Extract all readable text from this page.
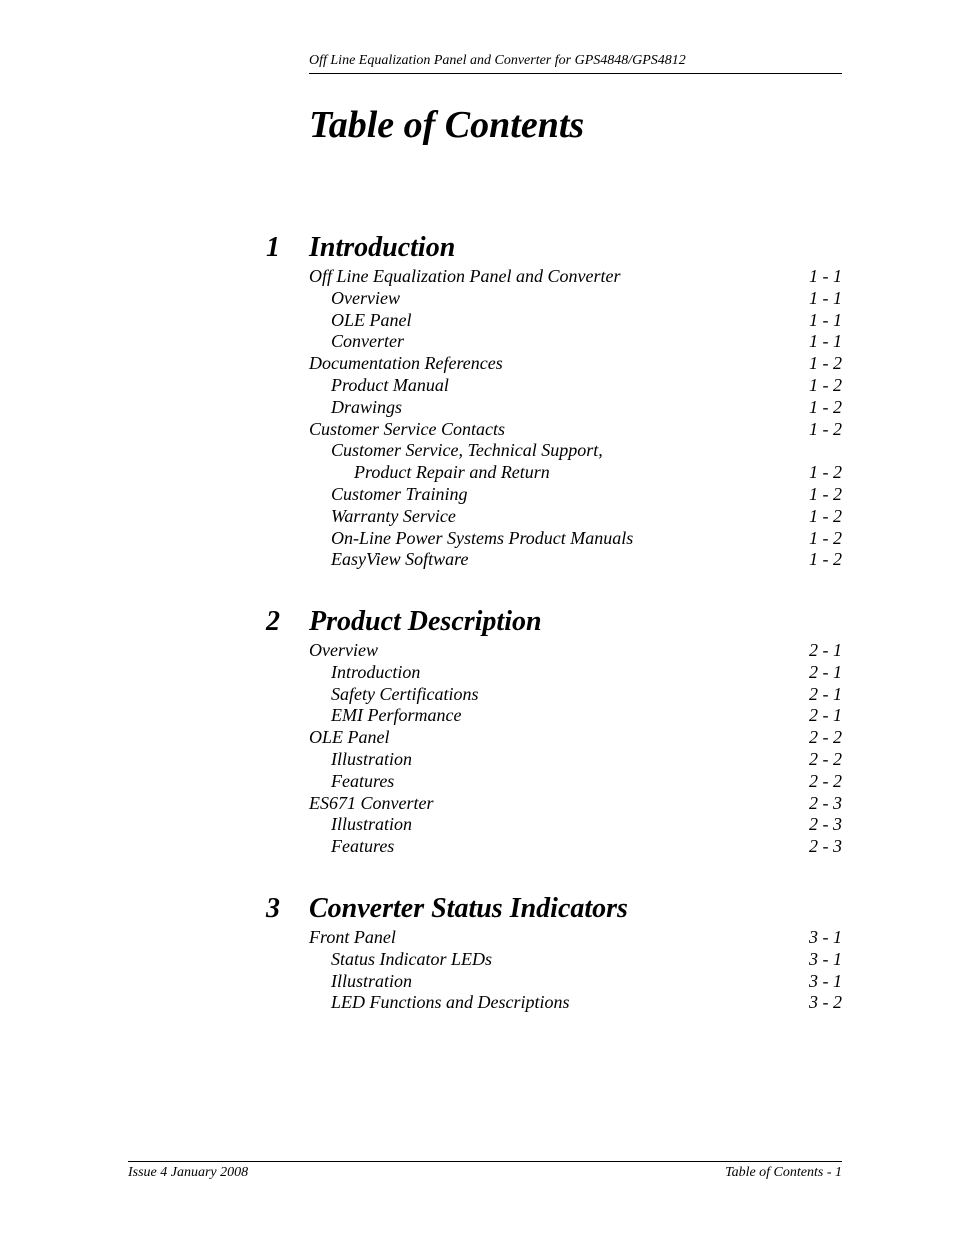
Off Line Equalization Panel and Converter for GPS4848/GPS4812
Table of Contents
1	Introduction
Off Line Equalization Panel and Converter	1 - 1
Overview	1 - 1
OLE Panel	1 - 1
Converter	1 - 1
Documentation References	1 - 2
Product Manual	1 - 2
Drawings	1 - 2
Customer Service Contacts	1 - 2
Customer Service, Technical Support,
Product Repair and Return	1 - 2
Customer Training	1 - 2
Warranty Service	1 - 2
On-Line Power Systems Product Manuals	1 - 2
EasyView Software	1 - 2
2	Product Description
Overview	2 - 1
Introduction	2 - 1
Safety Certifications	2 - 1
EMI Performance	2 - 1
OLE Panel	2 - 2
Illustration	2 - 2
Features	2 - 2
ES671 Converter	2 - 3
Illustration	2 - 3
Features	2 - 3
3	Converter Status Indicators
Front Panel	3 - 1
Status Indicator LEDs	3 - 1
Illustration	3 - 1
LED Functions and Descriptions	3 - 2
Issue 4 January 2008	Table of Contents - 1
